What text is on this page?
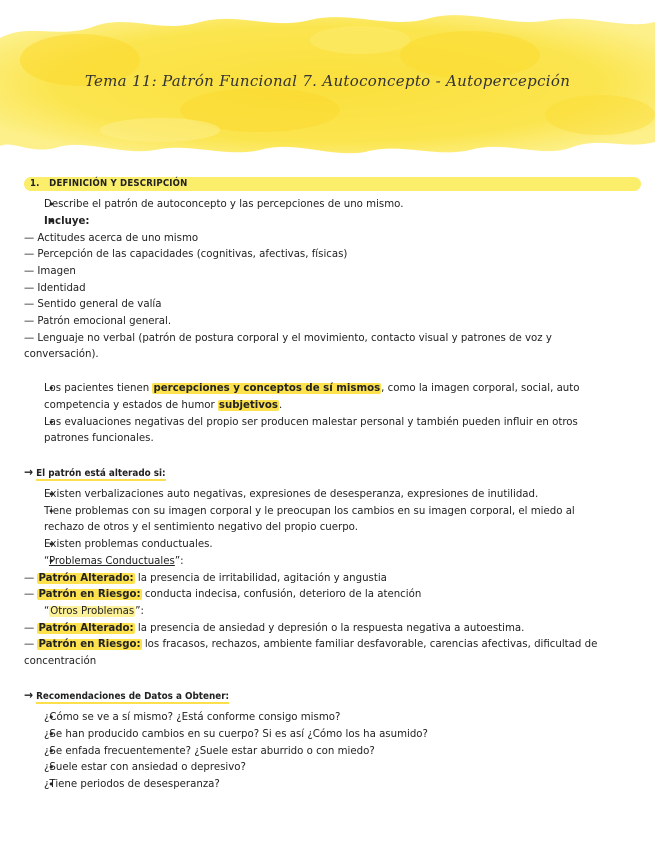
Tema 11: Patrón Funcional 7. Autoconcepto - Autopercepción
1. DEFINICIÓN Y DESCRIPCIÓN
•
Describe el patrón de autoconcepto y las percepciones de uno mismo.
•
Incluye:
— Actitudes acerca de uno mismo
— Percepción de las capacidades (cognitivas, afectivas, físicas)
— Imagen
— Identidad
— Sentido general de valía
— Patrón emocional general.
— Lenguaje no verbal (patrón de postura corporal y el movimiento, contacto visual y patrones de voz y
conversación).
•
Los pacientes tienen percepciones y conceptos de sí mismos, como la imagen corporal, social, auto
competencia y estados de humor subjetivos.
•
Las evaluaciones negativas del propio ser producen malestar personal y también pueden influir en otros
patrones funcionales.
→ El patrón está alterado si:
•
Existen verbalizaciones auto negativas, expresiones de desesperanza, expresiones de inutilidad.
•
Tiene problemas con su imagen corporal y le preocupan los cambios en su imagen corporal, el miedo al
rechazo de otros y el sentimiento negativo del propio cuerpo.
•
Existen problemas conductuales.
•
“Problemas Conductuales”:
— Patrón Alterado: la presencia de irritabilidad, agitación y angustia
— Patrón en Riesgo: conducta indecisa, confusión, deterioro de la atención
•
“Otros Problemas”:
— Patrón Alterado: la presencia de ansiedad y depresión o la respuesta negativa a autoestima.
— Patrón en Riesgo: los fracasos, rechazos, ambiente familiar desfavorable, carencias afectivas, dificultad de
concentración
→ Recomendaciones de Datos a Obtener:
•
¿Cómo se ve a sí mismo? ¿Está conforme consigo mismo?
•
¿Se han producido cambios en su cuerpo? Si es así ¿Cómo los ha asumido?
•
¿Se enfada frecuentemente? ¿Suele estar aburrido o con miedo?
•
¿Suele estar con ansiedad o depresivo?
•
¿Tiene periodos de desesperanza?
